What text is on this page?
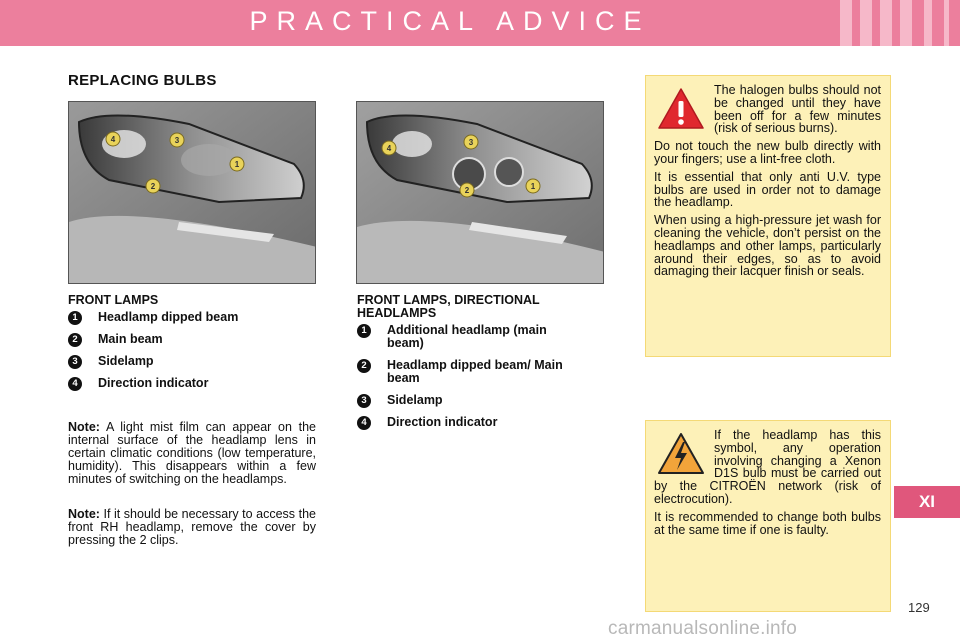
PRACTICAL ADVICE
REPLACING BULBS
4	3
1
2
4
3
1
2
FRONT LAMPS
1	Headlamp dipped beam
2	Main beam
3	Sidelamp
4	Direction indicator
FRONT LAMPS, DIRECTIONAL HEADLAMPS
1	Additional headlamp (main beam)
2	Headlamp dipped beam/ Main beam
3	Sidelamp
4	Direction indicator
Note: A light mist film can appear on the internal surface of the headlamp lens in certain climatic conditions (low temperature, humidity). This disappears within a few minutes of switching on the headlamps.
Note: If it should be necessary to access the front RH headlamp, remove the cover by pressing the 2 clips.

The halogen bulbs should not be changed until they have been off for a few minutes (risk of serious burns).

Do not touch the new bulb directly with your fingers; use a lint-free cloth.

It is essential that only anti U.V. type bulbs are used in order not to damage the headlamp.

When using a high-pressure jet wash for cleaning the vehicle, don’t persist on the headlamps and other lamps, particularly around their edges, so as to avoid damaging their lacquer finish or seals.

If the headlamp has this symbol, any operation involving changing a Xenon D1S bulb must be carried out by the CITROËN network (risk of electrocution).

It is recommended to change both bulbs at the same time if one is faulty.

XI
129
carmanualsonline.info
